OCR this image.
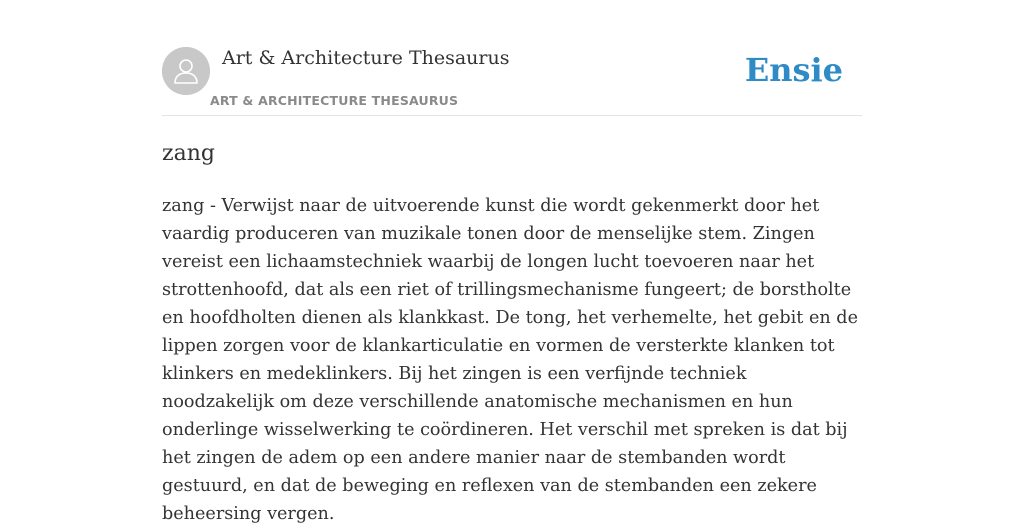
Art & Architecture Thesaurus
ART & ARCHITECTURE THESAURUS
Ensie
zang

zang - Verwijst naar de uitvoerende kunst die wordt gekenmerkt door het vaardig produceren van muzikale tonen door de menselijke stem. Zingen vereist een lichaamstechniek waarbij de longen lucht toevoeren naar het strottenhoofd, dat als een riet of trillingsmechanisme fungeert; de borstholte en hoofdholten dienen als klankkast. De tong, het verhemelte, het gebit en de lippen zorgen voor de klankarticulatie en vormen de versterkte klanken tot klinkers en medeklinkers. Bij het zingen is een verfijnde techniek noodzakelijk om deze verschillende anatomische mechanismen en hun onderlinge wisselwerking te coördineren. Het verschil met spreken is dat bij het zingen de adem op een andere manier naar de stembanden wordt gestuurd, en dat de beweging en reflexen van de stembanden een zekere beheersing vergen.
